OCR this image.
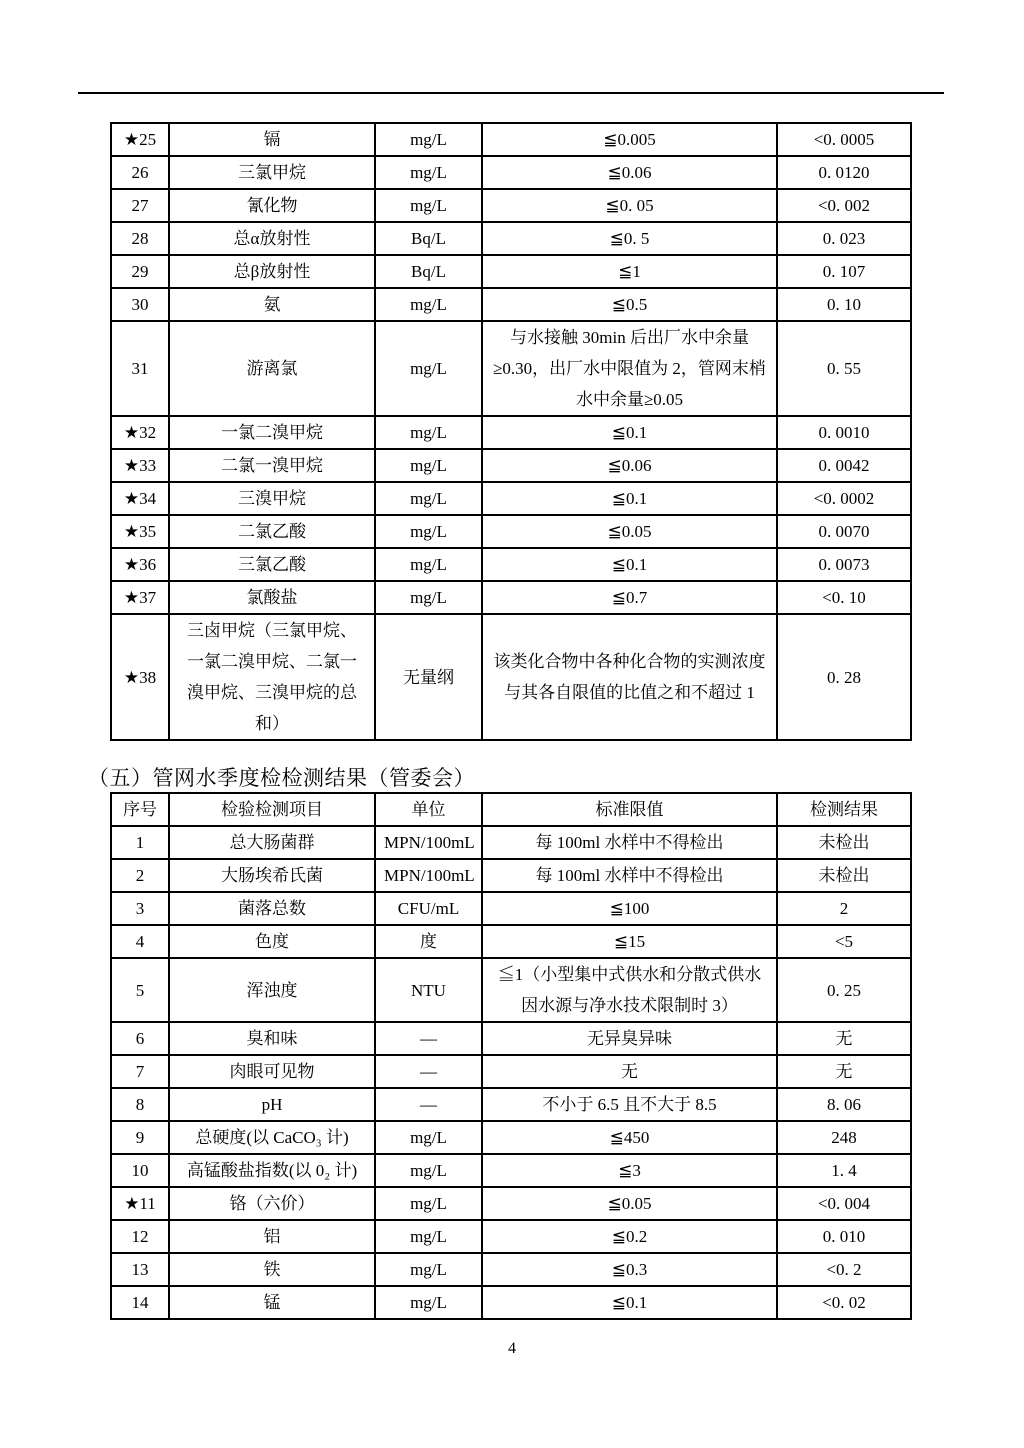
★25	镉	mg/L	≦0.005	<0. 0005
26	三氯甲烷	mg/L	≦0.06	0. 0120
27	氰化物	mg/L	≦0. 05	<0. 002
28	总α放射性	Bq/L	≦0. 5	0. 023
29	总β放射性	Bq/L	≦1	0. 107
30	氨	mg/L	≦0.5	0. 10
31	游离氯	mg/L	与水接触 30min 后出厂水中余量≥0.30，出厂水中限值为 2，管网末梢水中余量≥0.05	0. 55
★32	一氯二溴甲烷	mg/L	≦0.1	0. 0010
★33	二氯一溴甲烷	mg/L	≦0.06	0. 0042
★34	三溴甲烷	mg/L	≦0.1	<0. 0002
★35	二氯乙酸	mg/L	≦0.05	0. 0070
★36	三氯乙酸	mg/L	≦0.1	0. 0073
★37	氯酸盐	mg/L	≦0.7	<0. 10
★38	三卤甲烷（三氯甲烷、一氯二溴甲烷、二氯一溴甲烷、三溴甲烷的总和）	无量纲	该类化合物中各种化合物的实测浓度与其各自限值的比值之和不超过 1	0. 28
（五）管网水季度检检测结果（管委会）
序号	检验检测项目	单位	标准限值	检测结果
1	总大肠菌群	MPN/100mL	每 100ml 水样中不得检出	未检出
2	大肠埃希氏菌	MPN/100mL	每 100ml 水样中不得检出	未检出
3	菌落总数	CFU/mL	≦100	2
4	色度	度	≦15	<5
5	浑浊度	NTU	≦1（小型集中式供水和分散式供水因水源与净水技术限制时 3）	0. 25
6	臭和味	—	无异臭异味	无
7	肉眼可见物	—	无	无
8	pH	—	不小于 6.5 且不大于 8.5	8. 06
9	总硬度(以 CaCO₃ 计)	mg/L	≦450	248
10	高锰酸盐指数(以 0₂ 计)	mg/L	≦3	1. 4
★11	铬（六价）	mg/L	≦0.05	<0. 004
12	铝	mg/L	≦0.2	0. 010
13	铁	mg/L	≦0.3	<0. 2
14	锰	mg/L	≦0.1	<0. 02
4
